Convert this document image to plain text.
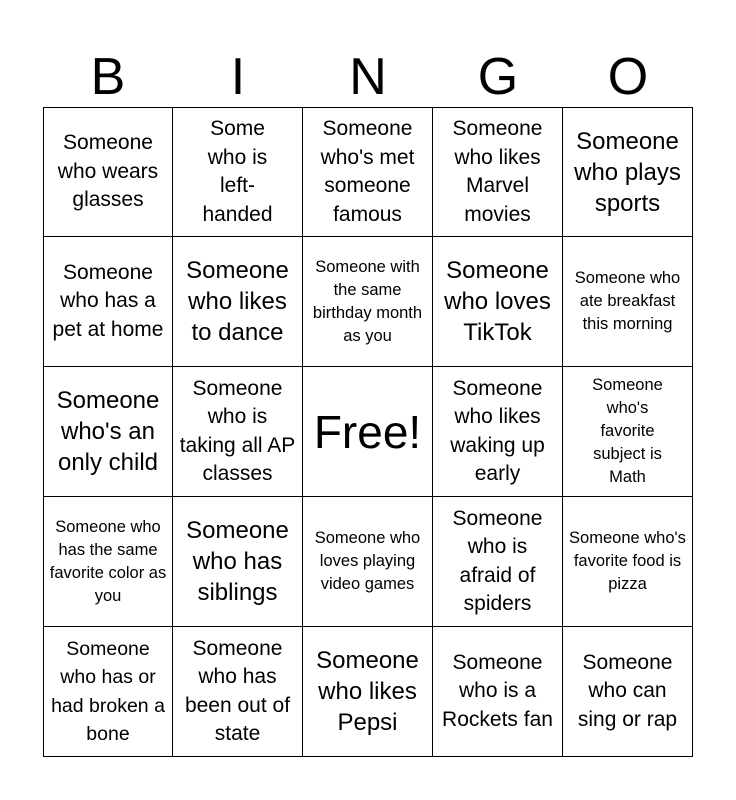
B	I	N	G	O
Someone who wears glasses
Some who is left-handed
Someone who's met someone famous
Someone who likes Marvel movies
Someone who plays sports
Someone who has a pet at home
Someone who likes to dance
Someone with the same birthday month as you
Someone who loves TikTok
Someone who ate breakfast this morning
Someone who's an only child
Someone who is taking all AP classes
Free!
Someone who likes waking up early
Someone who's favorite subject is Math
Someone who has the same favorite color as you
Someone who has siblings
Someone who loves playing video games
Someone who is afraid of spiders
Someone who's favorite food is pizza
Someone who has or had broken a bone
Someone who has been out of state
Someone who likes Pepsi
Someone who is a Rockets fan
Someone who can sing or rap
